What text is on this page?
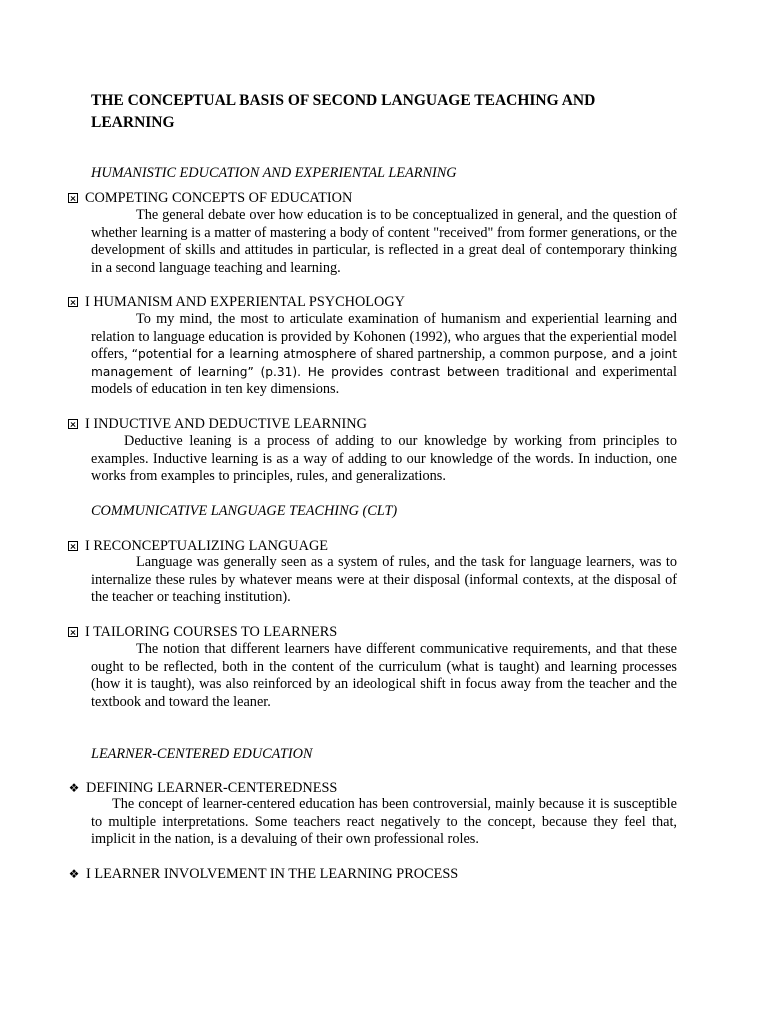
THE CONCEPTUAL BASIS OF SECOND LANGUAGE TEACHING AND LEARNING

HUMANISTIC EDUCATION AND EXPERIENTAL LEARNING

COMPETING CONCEPTS OF EDUCATION

The general debate over how education is to be conceptualized in general, and the question of whether learning is a matter of mastering a body of content "received" from former generations, or the development of skills and attitudes in particular, is reflected in a great deal of contemporary thinking in a second language teaching and learning.

I HUMANISM AND EXPERIENTAL PSYCHOLOGY

To my mind, the most to articulate examination of humanism and experiential learning and relation to language education is provided by Kohonen (1992), who argues that the experiential model offers, “potential for a learning atmosphere of shared partnership, a common purpose, and a joint management of learning” (p.31). He provides contrast between traditional and experimental models of education in ten key dimensions.

I INDUCTIVE AND DEDUCTIVE LEARNING

Deductive leaning is a process of adding to our knowledge by working from principles to examples. Inductive learning is as a way of adding to our knowledge of the words. In induction, one works from examples to principles, rules, and generalizations.

COMMUNICATIVE LANGUAGE TEACHING (CLT)

I RECONCEPTUALIZING LANGUAGE

Language was generally seen as a system of rules, and the task for language learners, was to internalize these rules by whatever means were at their disposal (informal contexts, at the disposal of the teacher or teaching institution).

I TAILORING COURSES TO LEARNERS

The notion that different learners have different communicative requirements, and that these ought to be reflected, both in the content of the curriculum (what is taught) and learning processes (how it is taught), was also reinforced by an ideological shift in focus away from the teacher and the textbook and toward the leaner.

LEARNER-CENTERED EDUCATION

❖ DEFINING LEARNER-CENTEREDNESS

The concept of learner-centered education has been controversial, mainly because it is susceptible to multiple interpretations. Some teachers react negatively to the concept, because they feel that, implicit in the nation, is a devaluing of their own professional roles.

❖ I LEARNER INVOLVEMENT IN THE LEARNING PROCESS
